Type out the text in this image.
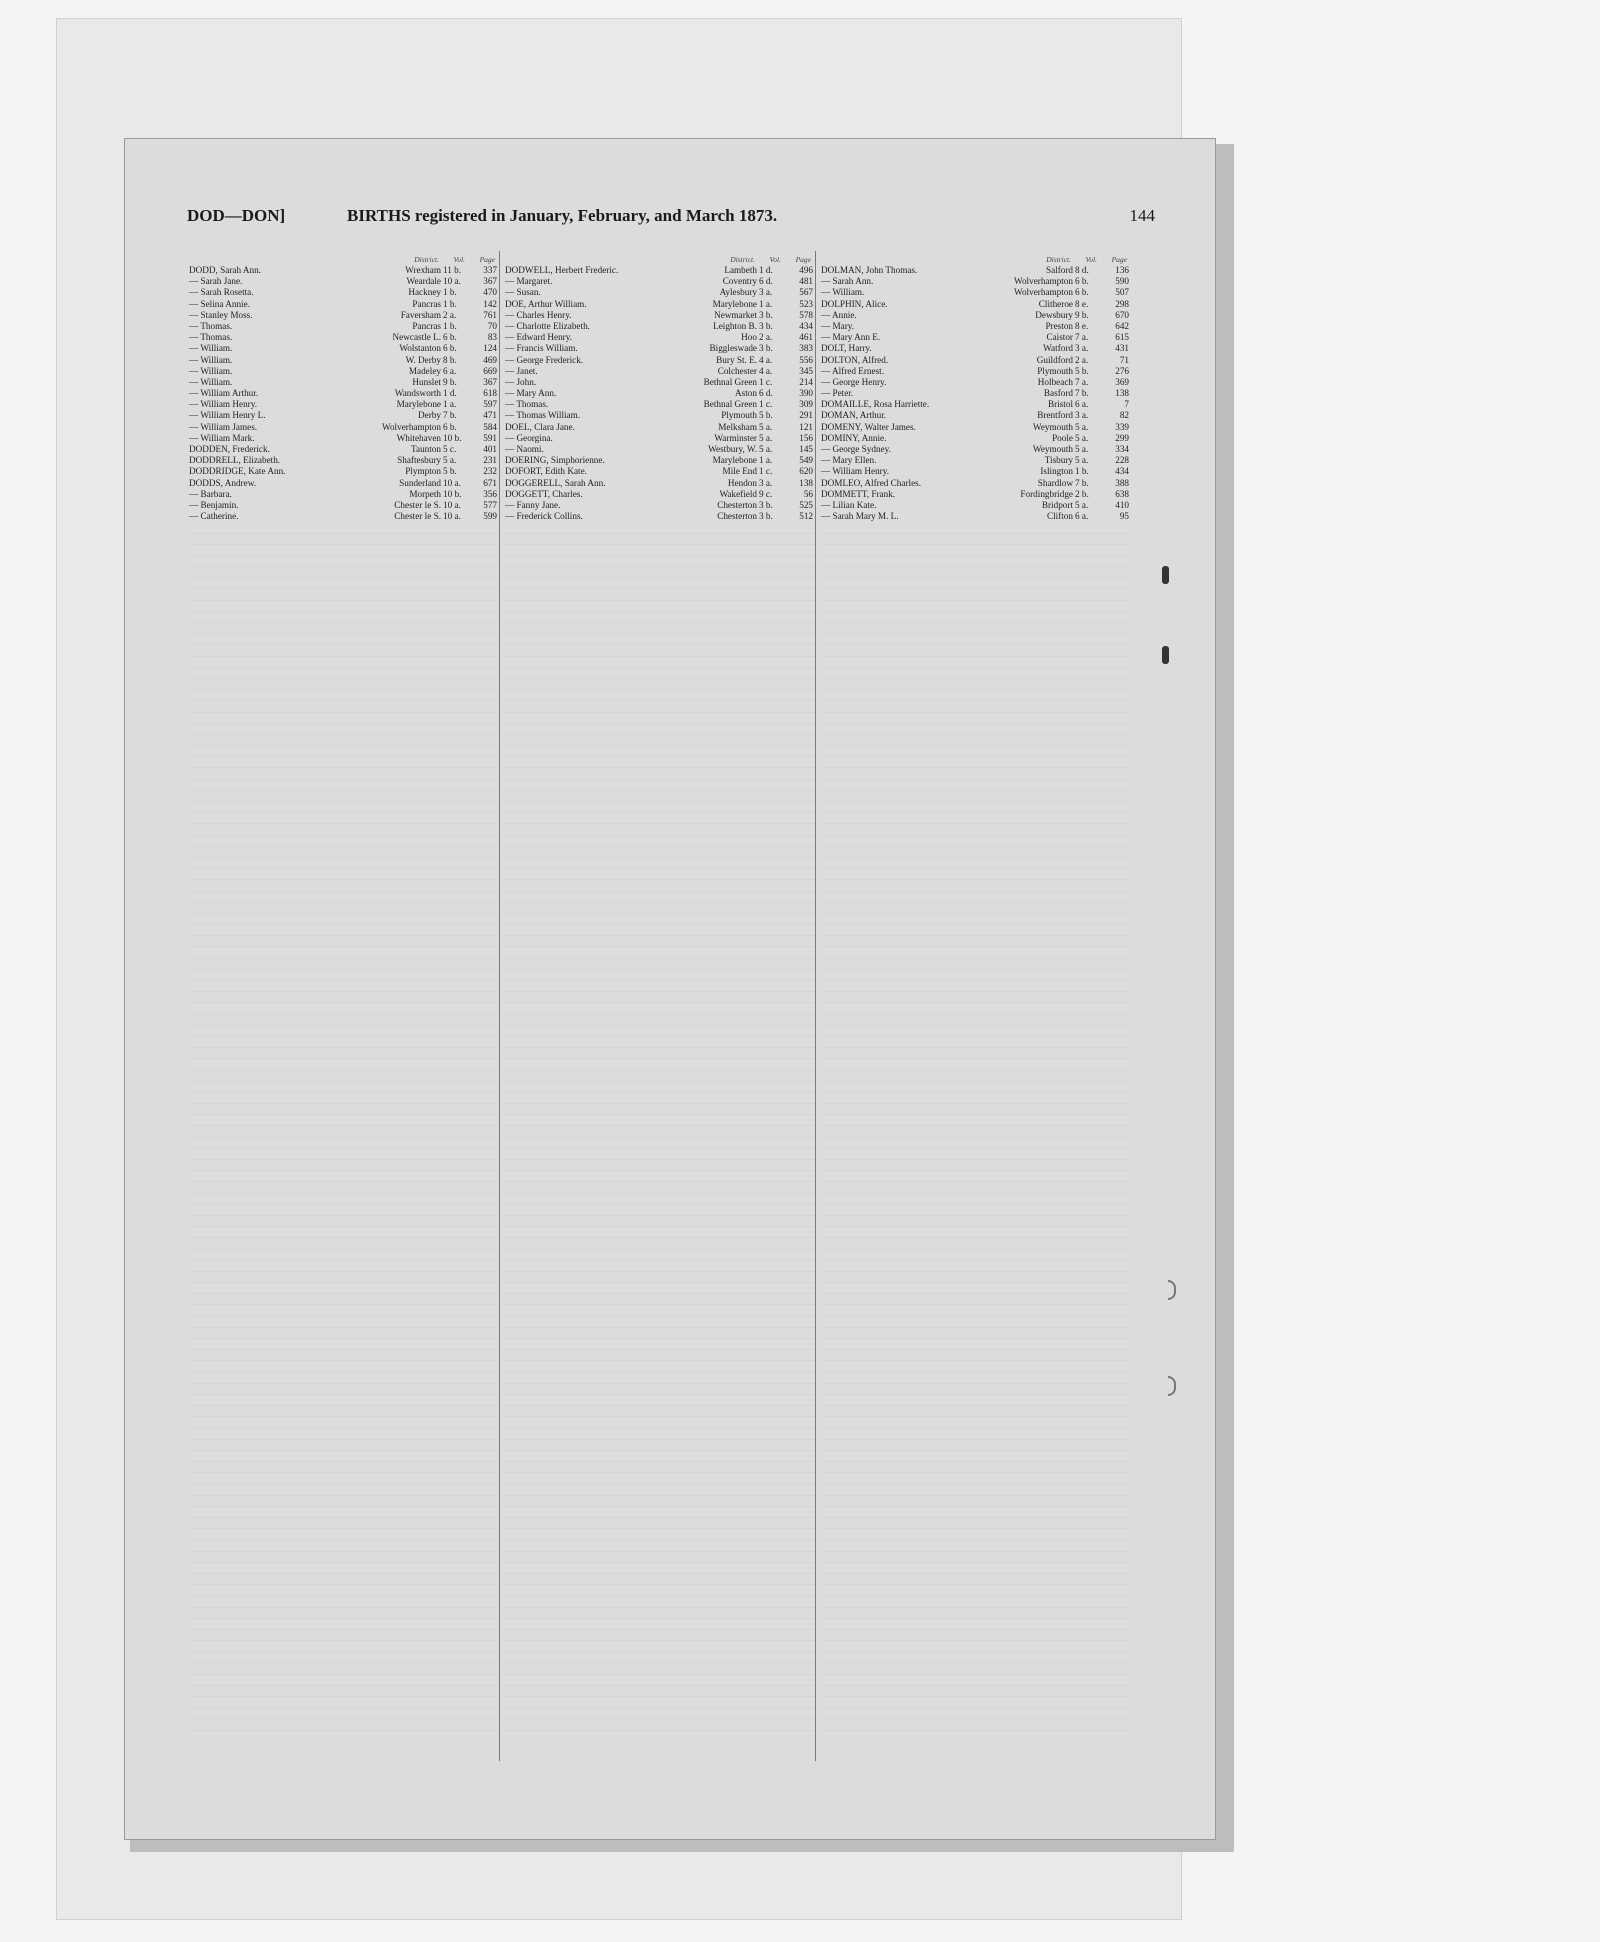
DOD—DON]	BIRTHS registered in January, February, and March 1873.	144
District. Vol. Page
DODD, Sarah Ann.	Wrexham 11 b.	337
— Sarah Jane.	Weardale 10 a.	367
— Sarah Rosetta.	Hackney 1 b.	470
— Selina Annie.	Pancras 1 b.	142
— Stanley Moss.	Faversham 2 a.	761
— Thomas.	Pancras 1 b.	70
— Thomas.	Newcastle L. 6 b.	83
— William.	Wolstanton 6 b.	124
— William.	W. Derby 8 b.	469
— William.	Madeley 6 a.	669
— William.	Hunslet 9 b.	367
— William Arthur.	Wandsworth 1 d.	618
— William Henry.	Marylebone 1 a.	597
— William Henry L.	Derby 7 b.	471
— William James.	Wolverhampton 6 b.	584
— William Mark.	Whitehaven 10 b.	591
DODDEN, Frederick.	Taunton 5 c.	401
DODDRELL, Elizabeth.	Shaftesbury 5 a.	231
DODDRIDGE, Kate Ann.	Plympton 5 b.	232
DODDS, Andrew.	Sunderland 10 a.	671
— Barbara.	Morpeth 10 b.	356
— Benjamin.	Chester le S. 10 a.	577
— Catherine.	Chester le S. 10 a.	599
District. Vol. Page
DODWELL, Herbert Frederic.	Lambeth 1 d.	496
— Margaret.	Coventry 6 d.	481
— Susan.	Aylesbury 3 a.	567
DOE, Arthur William.	Marylebone 1 a.	523
— Charles Henry.	Newmarket 3 b.	578
— Charlotte Elizabeth.	Leighton B. 3 b.	434
— Edward Henry.	Hoo 2 a.	461
— Francis William.	Biggleswade 3 b.	383
— George Frederick.	Bury St. E. 4 a.	556
— Janet.	Colchester 4 a.	345
— John.	Bethnal Green 1 c.	214
— Mary Ann.	Aston 6 d.	390
— Thomas.	Bethnal Green 1 c.	309
— Thomas William.	Plymouth 5 b.	291
DOEL, Clara Jane.	Melksham 5 a.	121
— Georgina.	Warminster 5 a.	156
— Naomi.	Westbury, W. 5 a.	145
DOERING, Simphorienne.	Marylebone 1 a.	549
DOFORT, Edith Kate.	Mile End 1 c.	620
DOGGERELL, Sarah Ann.	Hendon 3 a.	138
DOGGETT, Charles.	Wakefield 9 c.	56
— Fanny Jane.	Chesterton 3 b.	525
— Frederick Collins.	Chesterton 3 b.	512
District. Vol. Page
DOLMAN, John Thomas.	Salford 8 d.	136
— Sarah Ann.	Wolverhampton 6 b.	590
— William.	Wolverhampton 6 b.	507
DOLPHIN, Alice.	Clitheroe 8 e.	298
— Annie.	Dewsbury 9 b.	670
— Mary.	Preston 8 e.	642
— Mary Ann E.	Caistor 7 a.	615
DOLT, Harry.	Watford 3 a.	431
DOLTON, Alfred.	Guildford 2 a.	71
— Alfred Ernest.	Plymouth 5 b.	276
— George Henry.	Holbeach 7 a.	369
— Peter.	Basford 7 b.	138
DOMAILLE, Rosa Harriette.	Bristol 6 a.	7
DOMAN, Arthur.	Brentford 3 a.	82
DOMENY, Walter James.	Weymouth 5 a.	339
DOMINY, Annie.	Poole 5 a.	299
— George Sydney.	Weymouth 5 a.	334
— Mary Ellen.	Tisbury 5 a.	228
— William Henry.	Islington 1 b.	434
DOMLEO, Alfred Charles.	Shardlow 7 b.	388
DOMMETT, Frank.	Fordingbridge 2 b.	638
— Lilian Kate.	Bridport 5 a.	410
— Sarah Mary M. L.	Clifton 6 a.	95
